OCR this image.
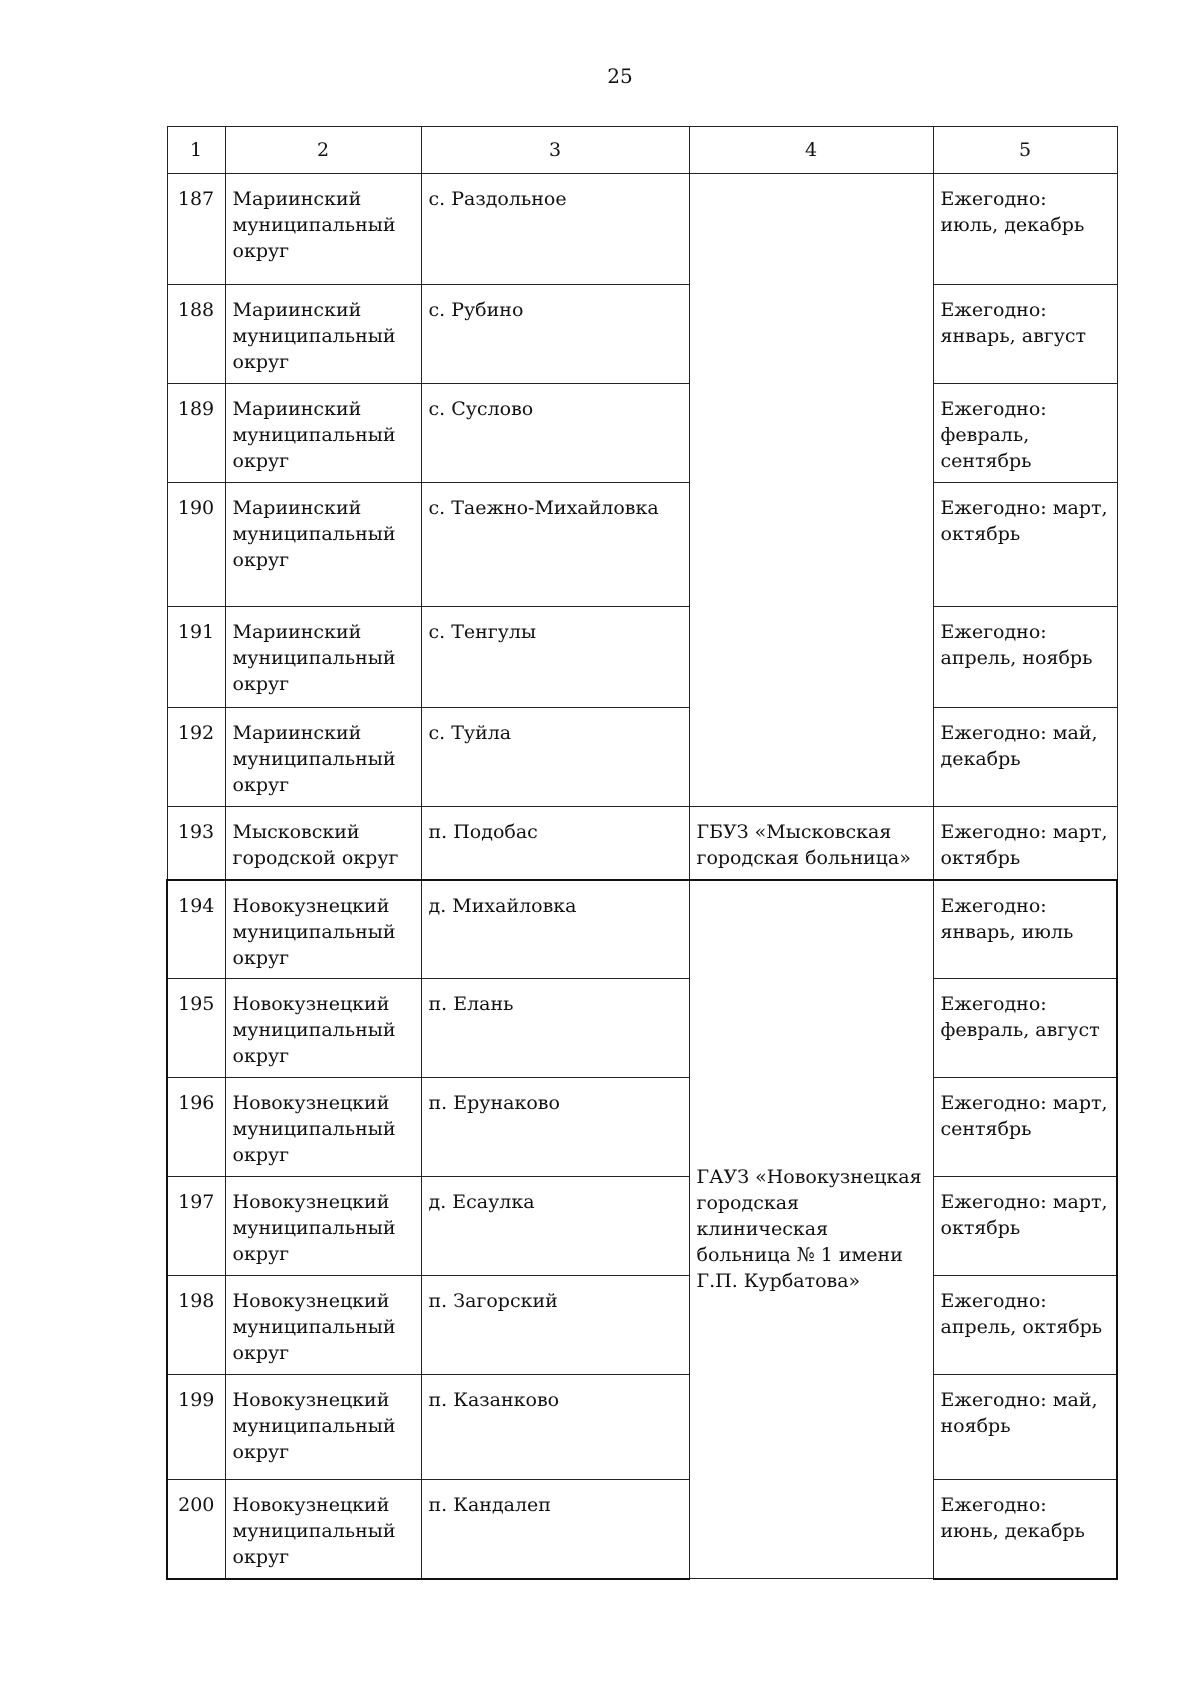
25
1	2	3	4	5
187	Мариинский муниципальный округ	с. Раздольное		Ежегодно: июль, декабрь
188	Мариинский муниципальный округ	с. Рубино		Ежегодно: январь, август
189	Мариинский муниципальный округ	с. Суслово		Ежегодно: февраль, сентябрь
190	Мариинский муниципальный округ	с. Таежно-Михайловка		Ежегодно: март, октябрь
191	Мариинский муниципальный округ	с. Тенгулы		Ежегодно: апрель, ноябрь
192	Мариинский муниципальный округ	с. Туйла		Ежегодно: май, декабрь
193	Мысковский городской округ	п. Подобас	ГБУЗ «Мысковская городская больница»	Ежегодно: март, октябрь
194	Новокузнецкий муниципальный округ	д. Михайловка	ГАУЗ «Новокузнецкая городская клиническая больница № 1 имени Г.П. Курбатова»	Ежегодно: январь, июль
195	Новокузнецкий муниципальный округ	п. Елань		Ежегодно: февраль, август
196	Новокузнецкий муниципальный округ	п. Ерунаково		Ежегодно: март, сентябрь
197	Новокузнецкий муниципальный округ	д. Есаулка		Ежегодно: март, октябрь
198	Новокузнецкий муниципальный округ	п. Загорский		Ежегодно: апрель, октябрь
199	Новокузнецкий муниципальный округ	п. Казанково		Ежегодно: май, ноябрь
200	Новокузнецкий муниципальный округ	п. Кандалеп		Ежегодно: июнь, декабрь
